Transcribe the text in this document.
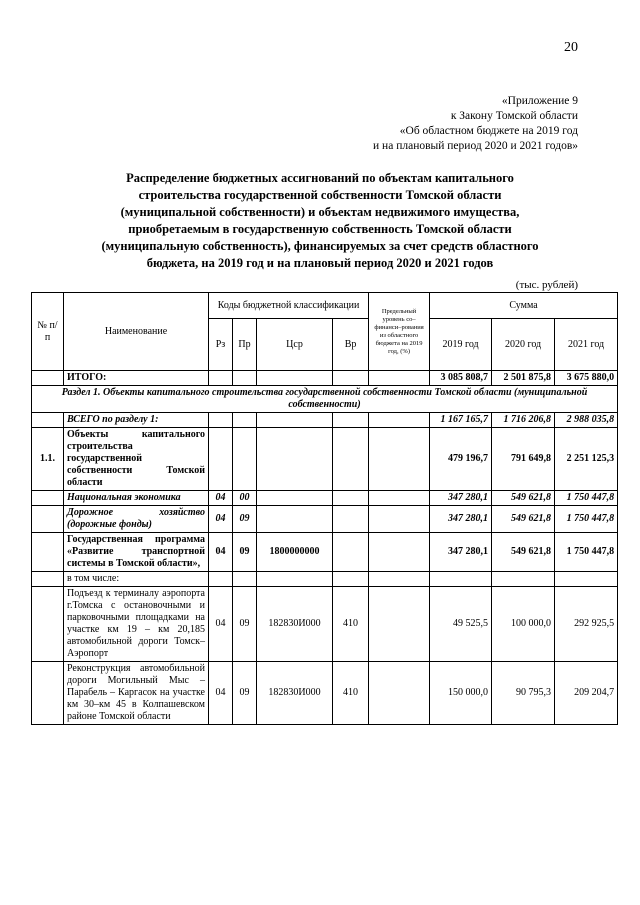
20
«Приложение 9
к Закону Томской области
«Об областном бюджете на 2019 год
и на плановый период 2020 и 2021 годов»
Распределение бюджетных ассигнований по объектам капитального
строительства государственной собственности Томской области
(муниципальной собственности) и объектам недвижимого имущества,
приобретаемым в государственную собственность Томской области
(муниципальную собственность), финансируемых за счет средств областного
бюджета, на 2019 год и на плановый период 2020 и 2021 годов
(тыс. рублей)
№ п/п	Наименование	Коды бюджетной классификации				Предельный уровень со–финанси–рования из областного бюджета на 2019 год, (%)	Сумма		
		Рз	Пр	Цср	Вр		2019 год	2020 год	2021 год
	ИТОГО:						3 085 808,7	2 501 875,8	3 675 880,0
Раздел 1. Объекты капитального строительства государственной собственности Томской области (муниципальной собственности)									
	ВСЕГО по разделу 1:						1 167 165,7	1 716 206,8	2 988 035,8
1.1.	Объекты капитального строительства государственной собственности Томской области						479 196,7	791 649,8	2 251 125,3
	Национальная экономика	04	00				347 280,1	549 621,8	1 750 447,8
	Дорожное хозяйство (дорожные фонды)	04	09				347 280,1	549 621,8	1 750 447,8
	Государственная программа «Развитие транспортной системы в Томской области»,	04	09	1800000000			347 280,1	549 621,8	1 750 447,8
	в том числе:								
	Подъезд к терминалу аэропорта г.Томска с остановочными и парковочными площадками на участке км 19 – км 20,185 автомобильной дороги Томск–Аэропорт	04	09	182830И000	410		49 525,5	100 000,0	292 925,5
	Реконструкция автомобильной дороги Могильный Мыс – Парабель – Каргасок на участке км 30–км 45 в Колпашевском районе Томской области	04	09	182830И000	410		150 000,0	90 795,3	209 204,7
